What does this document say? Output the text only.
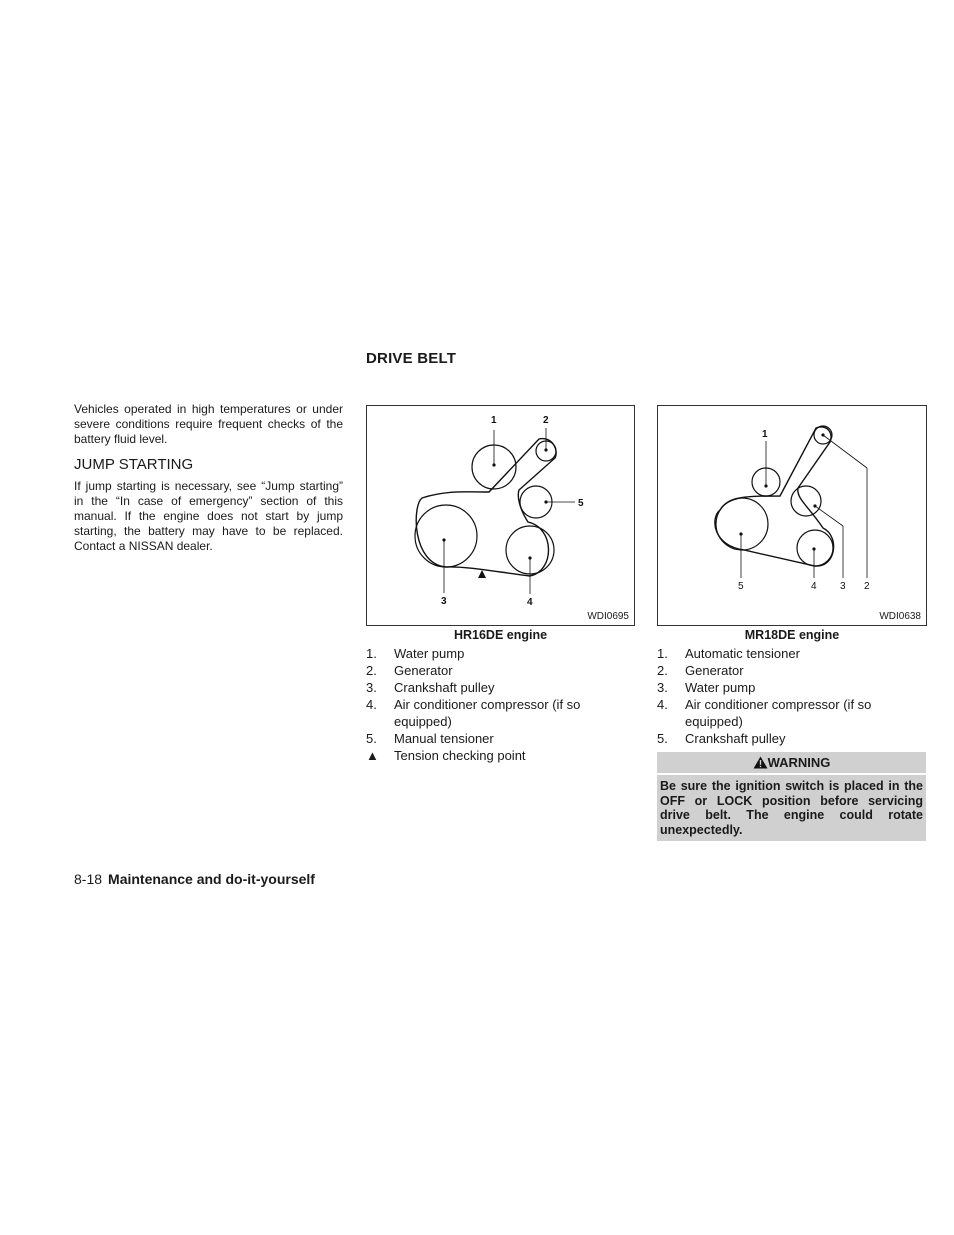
DRIVE BELT
Vehicles operated in high temperatures or under severe conditions require frequent checks of the battery fluid level.
JUMP STARTING
If jump starting is necessary, see “Jump starting” in the “In case of emergency” section of this manual. If the engine does not start by jump starting, the battery may have to be replaced. Contact a NISSAN dealer.
1	2
5
3	4
WDI0695
HR16DE engine
1. Water pump
2. Generator
3. Crankshaft pulley
4. Air conditioner compressor (if so equipped)
5. Manual tensioner
▲ Tension checking point
1
5	4 3 2
WDI0638
MR18DE engine
1. Automatic tensioner
2. Generator
3. Water pump
4. Air conditioner compressor (if so equipped)
5. Crankshaft pulley
WARNING
Be sure the ignition switch is placed in the OFF or LOCK position before servicing drive belt. The engine could rotate unexpectedly.
8-18 Maintenance and do-it-yourself
